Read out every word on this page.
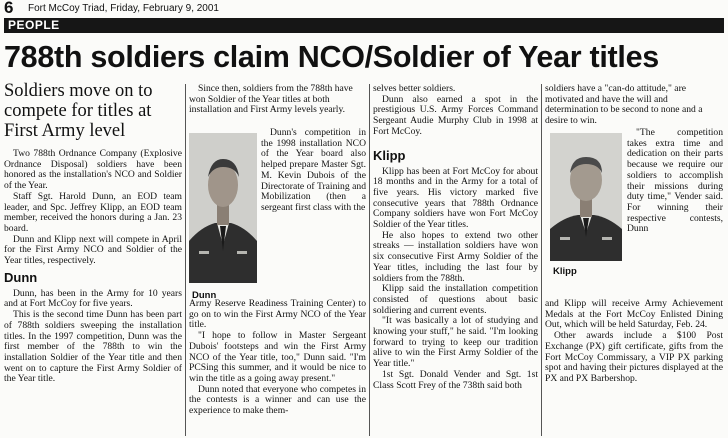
6 Fort McCoy Triad, Friday, February 9, 2001
PEOPLE
788th soldiers claim NCO/Soldier of Year titles
Soldiers move on to compete for titles at First Army level

Two 788th Ordnance Company (Explosive Ordnance Disposal) soldiers have been honored as the installation's NCO and Soldier of the Year.

Staff Sgt. Harold Dunn, an EOD team leader, and Spc. Jeffrey Klipp, an EOD team member, received the honors during a Jan. 23 board.

Dunn and Klipp next will compete in April for the First Army NCO and Soldier of the Year titles, respectively.

Dunn

Dunn, has been in the Army for 10 years and at Fort McCoy for five years.

This is the second time Dunn has been part of 788th soldiers sweeping the installation titles. In the 1997 competition, Dunn was the first member of the 788th to win the installation Soldier of the Year title and then went on to capture the First Army Soldier of the Year title.

Dunn

Since then, soldiers from the 788th have won Soldier of the Year titles at both installation and First Army levels yearly.

Dunn's competition in the 1998 installation NCO of the Year board also helped prepare Master Sgt. M. Kevin Dubois of the Directorate of Training and Mobilization (then a sergeant first class with the

Army Reserve Readiness Training Center) to go on to win the First Army NCO of the Year title.

"I hope to follow in Master Sergeant Dubois' footsteps and win the First Army NCO of the Year title, too," Dunn said. "I'm PCSing this summer, and it would be nice to win the title as a going away present."

Dunn noted that everyone who competes in the contests is a winner and can use the experience to make them-

selves better soldiers.

Dunn also earned a spot in the prestigious U.S. Army Forces Command Sergeant Audie Murphy Club in 1998 at Fort McCoy.

Klipp

Klipp has been at Fort McCoy for about 18 months and in the Army for a total of five years. His victory marked five consecutive years that 788th Ordnance Company soldiers have won Fort McCoy Soldier of the Year titles.

He also hopes to extend two other streaks — installation soldiers have won six consecutive First Army Soldier of the Year titles, including the last four by soldiers from the 788th.

Klipp said the installation competition consisted of questions about basic soldiering and current events.

"It was basically a lot of studying and knowing your stuff," he said. "I'm looking forward to trying to keep our tradition alive to win the First Army Soldier of the Year title."

1st Sgt. Donald Vender and Sgt. 1st Class Scott Frey of the 738th said both

soldiers have a "can-do attitude," are motivated and have the will and determination to be second to none and a desire to win.

Klipp

"The competition takes extra time and dedication on their parts because we require our soldiers to accomplish their missions during duty time," Vender said. For winning their respective contests, Dunn

and Klipp will receive Army Achievement Medals at the Fort McCoy Enlisted Dining Out, which will be held Saturday, Feb. 24.

Other awards include a $100 Post Exchange (PX) gift certificate, gifts from the Fort McCoy Commissary, a VIP PX parking spot and having their pictures displayed at the PX and PX Barbershop.
